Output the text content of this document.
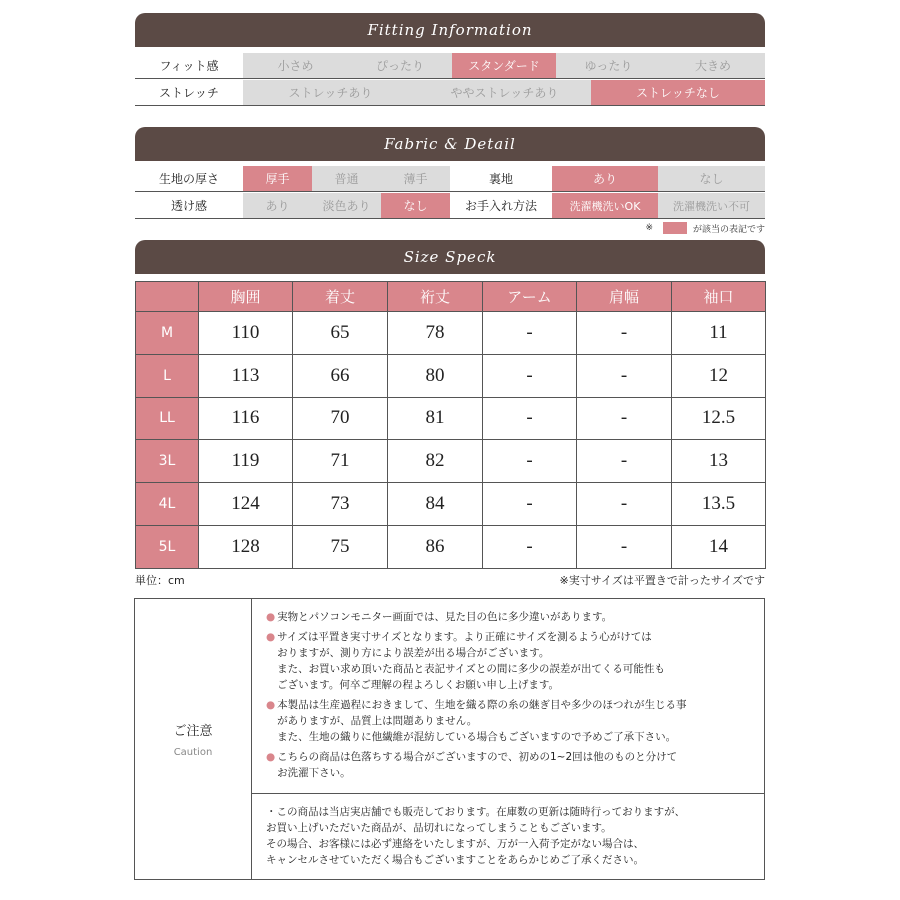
Fitting Information
フィット感	小さめ	ぴったり	スタンダード	ゆったり	大きめ
ストレッチ	ストレッチあり	ややストレッチあり	ストレッチなし
Fabric & Detail
生地の厚さ	厚手	普通	薄手	裏地	あり	なし
透け感	あり	淡色あり	なし	お手入れ方法	洗濯機洗いOK	洗濯機洗い不可
※	が該当の表記です
Size Speck
	胸囲	着丈	裄丈	アーム	肩幅	袖口
M	110	65	78	-	-	11
L	113	66	80	-	-	12
LL	116	70	81	-	-	12.5
3L	119	71	82	-	-	13
4L	124	73	84	-	-	13.5
5L	128	75	86	-	-	14
単位：cm	※実寸サイズは平置きで計ったサイズです
ご注意
Caution
● 実物とパソコンモニター画面では、見た目の色に多少違いがあります。
● サイズは平置き実寸サイズとなります。より正確にサイズを測るよう心がけては
おりますが、測り方により誤差が出る場合がございます。
また、お買い求め頂いた商品と表記サイズとの間に多少の誤差が出てくる可能性も
ございます。何卒ご理解の程よろしくお願い申し上げます。
● 本製品は生産過程におきまして、生地を織る際の糸の継ぎ目や多少のほつれが生じる事
がありますが、品質上は問題ありません。
また、生地の織りに他繊維が混紡している場合もございますので予めご了承下さい。
● こちらの商品は色落ちする場合がございますので、初めの1~2回は他のものと分けて
お洗濯下さい。
・この商品は当店実店舗でも販売しております。在庫数の更新は随時行っておりますが、
お買い上げいただいた商品が、品切れになってしまうこともございます。
その場合、お客様には必ず連絡をいたしますが、万が一入荷予定がない場合は、
キャンセルさせていただく場合もございますことをあらかじめご了承ください。
